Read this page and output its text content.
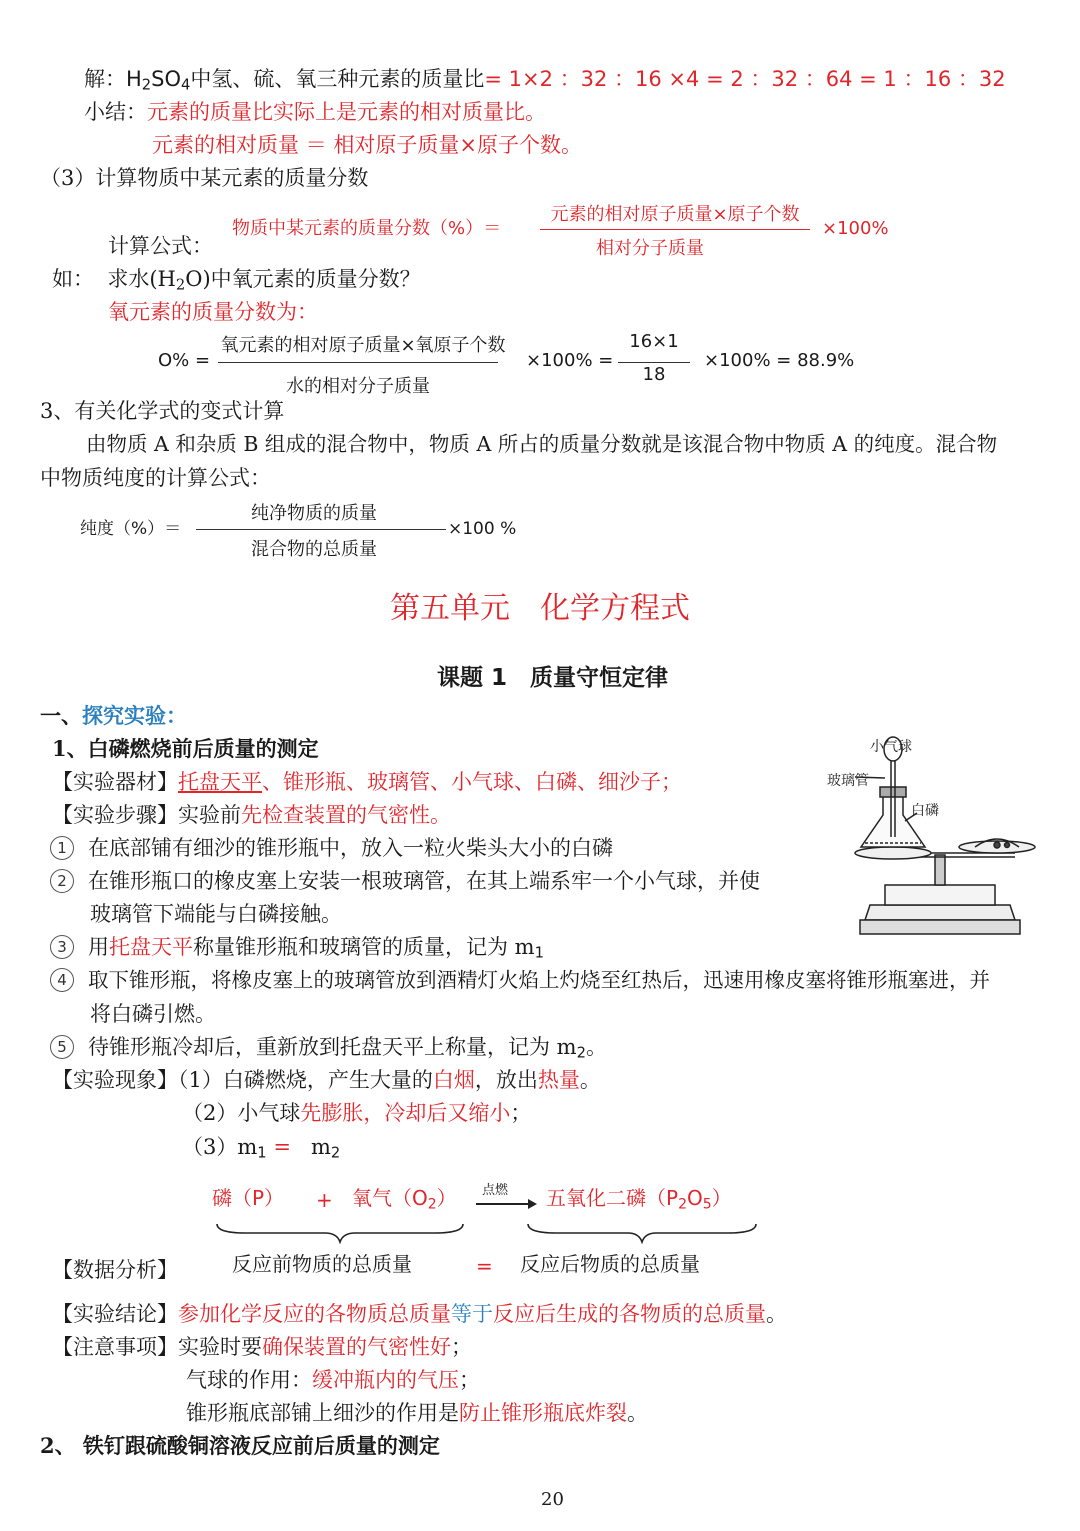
解：$H_2SO_4$中氢、硫、氧三种元素的质量比= 1×2 ：32 ：16 ×4 = 2 ：32 ：64 = 1 ：16 ：32
小结：元素的质量比实际上是元素的相对质量比。
元素的相对质量 ＝ 相对原子质量×原子个数。
（3）计算物质中某元素的质量分数
计算公式：
物质中某元素的质量分数（%）＝
元素的相对原子质量×原子个数
相对分子质量
×100%
如： 求水$(H_2O)$中氧元素的质量分数？
氧元素的质量分数为：
O% =
氧元素的相对原子质量×氧原子个数
水的相对分子质量
×100% =
16×1
18
×100% = 88.9%
3、有关化学式的变式计算
由物质 A 和杂质 B 组成的混合物中，物质 A 所占的质量分数就是该混合物中物质 A 的纯度。混合物
中物质纯度的计算公式：
纯度（%）＝
纯净物质的质量
混合物的总质量
×100 %
第五单元　化学方程式
课题 1　质量守恒定律
一、探究实验：
1、白磷燃烧前后质量的测定
【实验器材】托盘天平、锥形瓶、玻璃管、小气球、白磷、细沙子；
【实验步骤】实验前先检查装置的气密性。
1 在底部铺有细沙的锥形瓶中，放入一粒火柴头大小的白磷
2 在锥形瓶口的橡皮塞上安装一根玻璃管，在其上端系牢一个小气球，并使
玻璃管下端能与白磷接触。
3 用托盘天平称量锥形瓶和玻璃管的质量，记为 $m_1$
4 取下锥形瓶，将橡皮塞上的玻璃管放到酒精灯火焰上灼烧至红热后，迅速用橡皮塞将锥形瓶塞进，并
将白磷引燃。
5 待锥形瓶冷却后，重新放到托盘天平上称量，记为 $m_2$。
小气球
玻璃管
白磷
【实验现象】（1）白磷燃烧，产生大量的白烟，放出热量。
（2）小气球先膨胀，冷却后又缩小；
$(3)m_1 = m_2$
磷（P） + 氧气$(O_2)$ 点燃 五氧化二磷$(P_2O_5)$
【数据分析】	反应前物质的总质量	= 反应后物质的总质量
【实验结论】参加化学反应的各物质总质量等于反应后生成的各物质的总质量。
【注意事项】实验时要确保装置的气密性好；
气球的作用：缓冲瓶内的气压；
锥形瓶底部铺上细沙的作用是防止锥形瓶底炸裂。
2、 铁钉跟硫酸铜溶液反应前后质量的测定
20
